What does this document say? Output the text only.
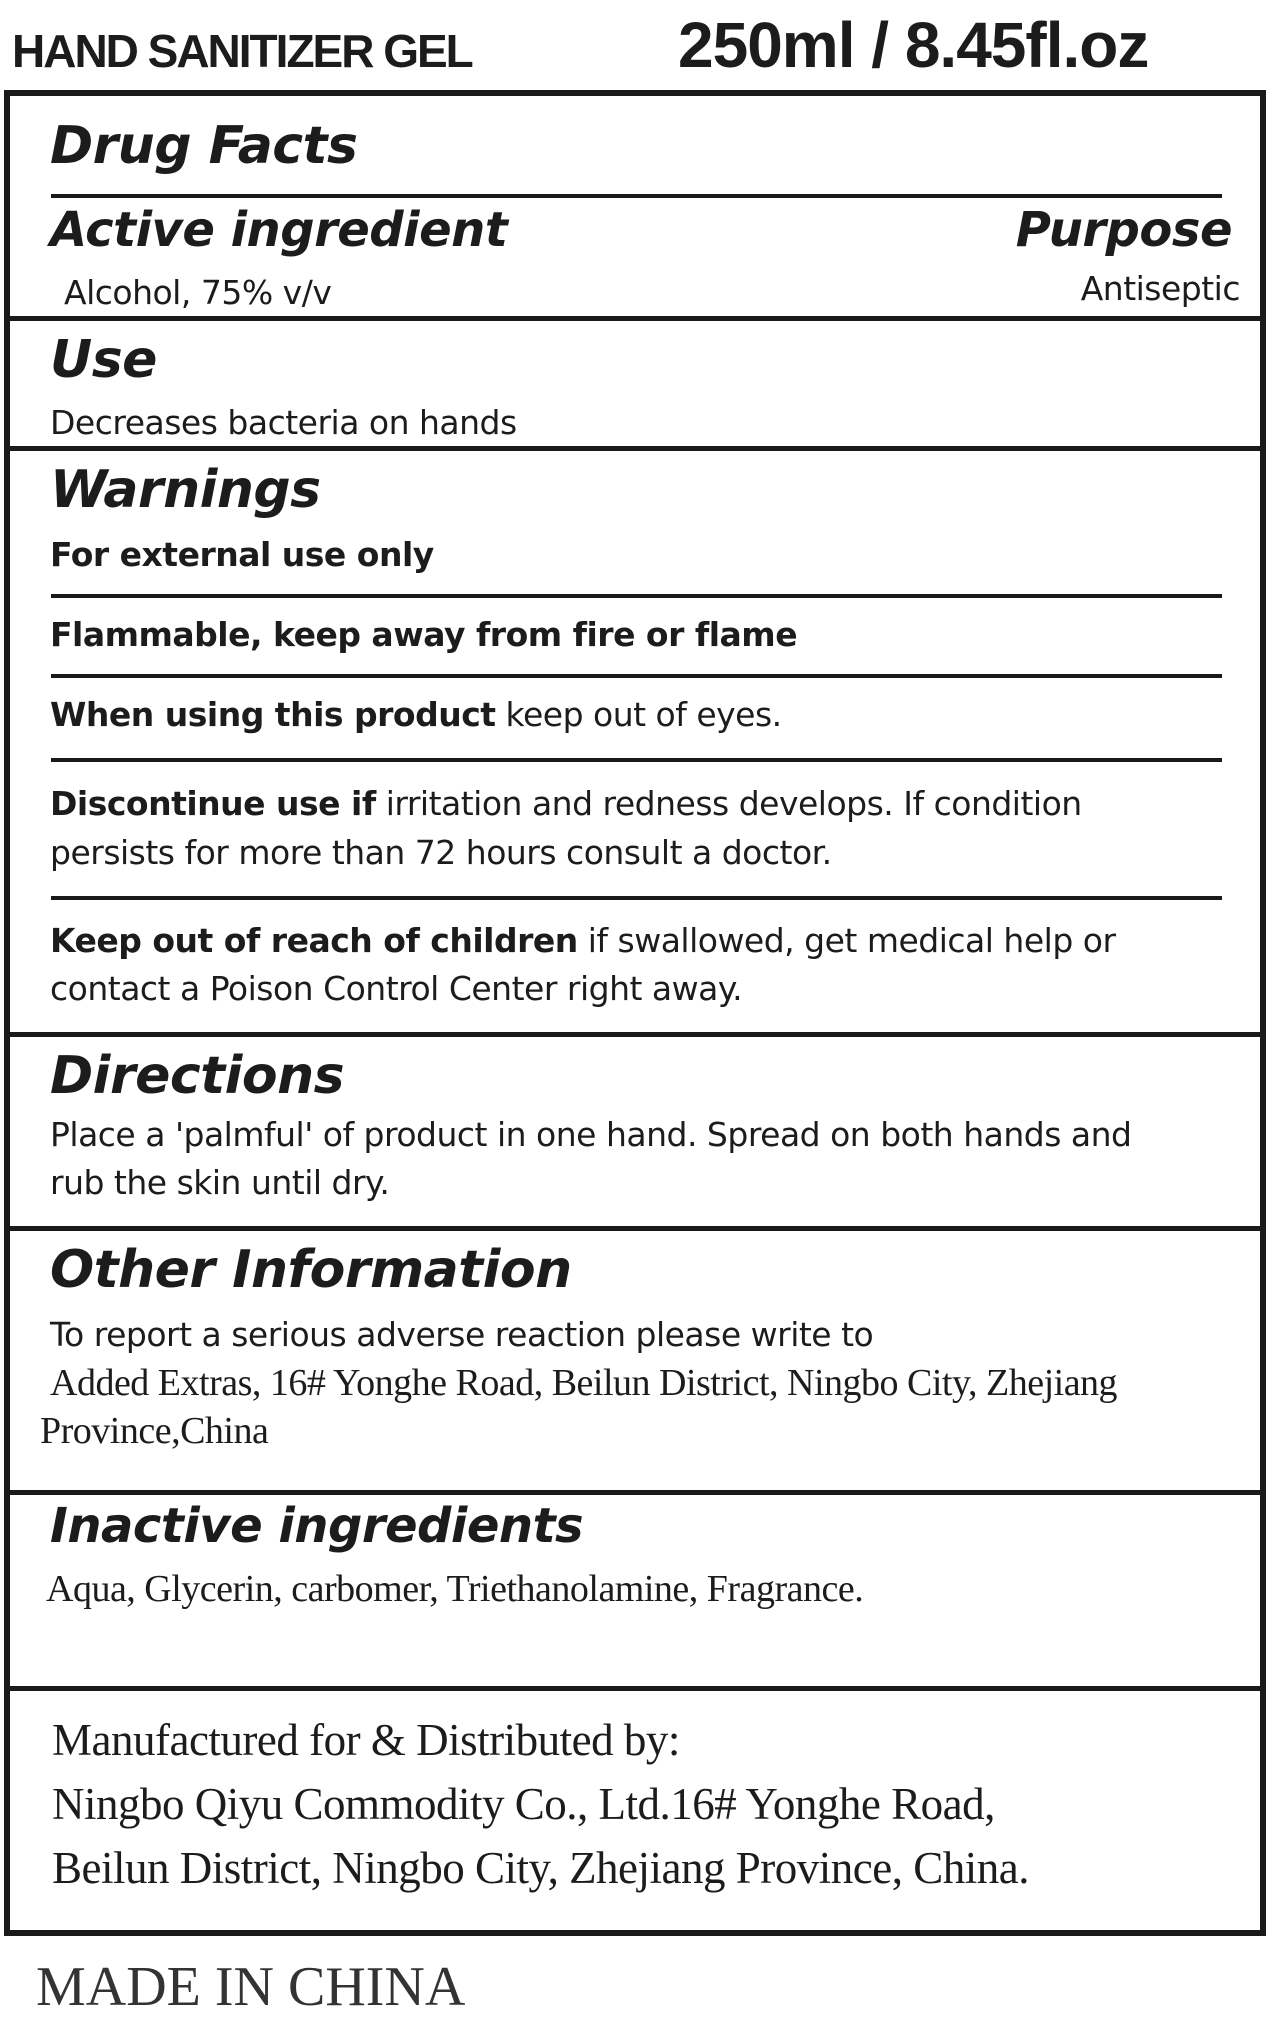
HAND SANITIZER GEL	250ml / 8.45fl.oz
Drug Facts
Active ingredient	Purpose
Alcohol, 75% v/v	Antiseptic
Use
Decreases bacteria on hands
Warnings
For external use only
Flammable, keep away from fire or flame
When using this product keep out of eyes.
Discontinue use if irritation and redness develops. If condition
persists for more than 72 hours consult a doctor.
Keep out of reach of children if swallowed, get medical help or
contact a Poison Control Center right away.
Directions
Place a 'palmful' of product in one hand. Spread on both hands and
rub the skin until dry.
Other Information
To report a serious adverse reaction please write to
Added Extras, 16# Yonghe Road, Beilun District, Ningbo City, Zhejiang
Province,China
Inactive ingredients
Aqua, Glycerin, carbomer, Triethanolamine, Fragrance.
Manufactured for & Distributed by:
Ningbo Qiyu Commodity Co., Ltd.16# Yonghe Road,
Beilun District, Ningbo City, Zhejiang Province, China.
MADE IN CHINA
